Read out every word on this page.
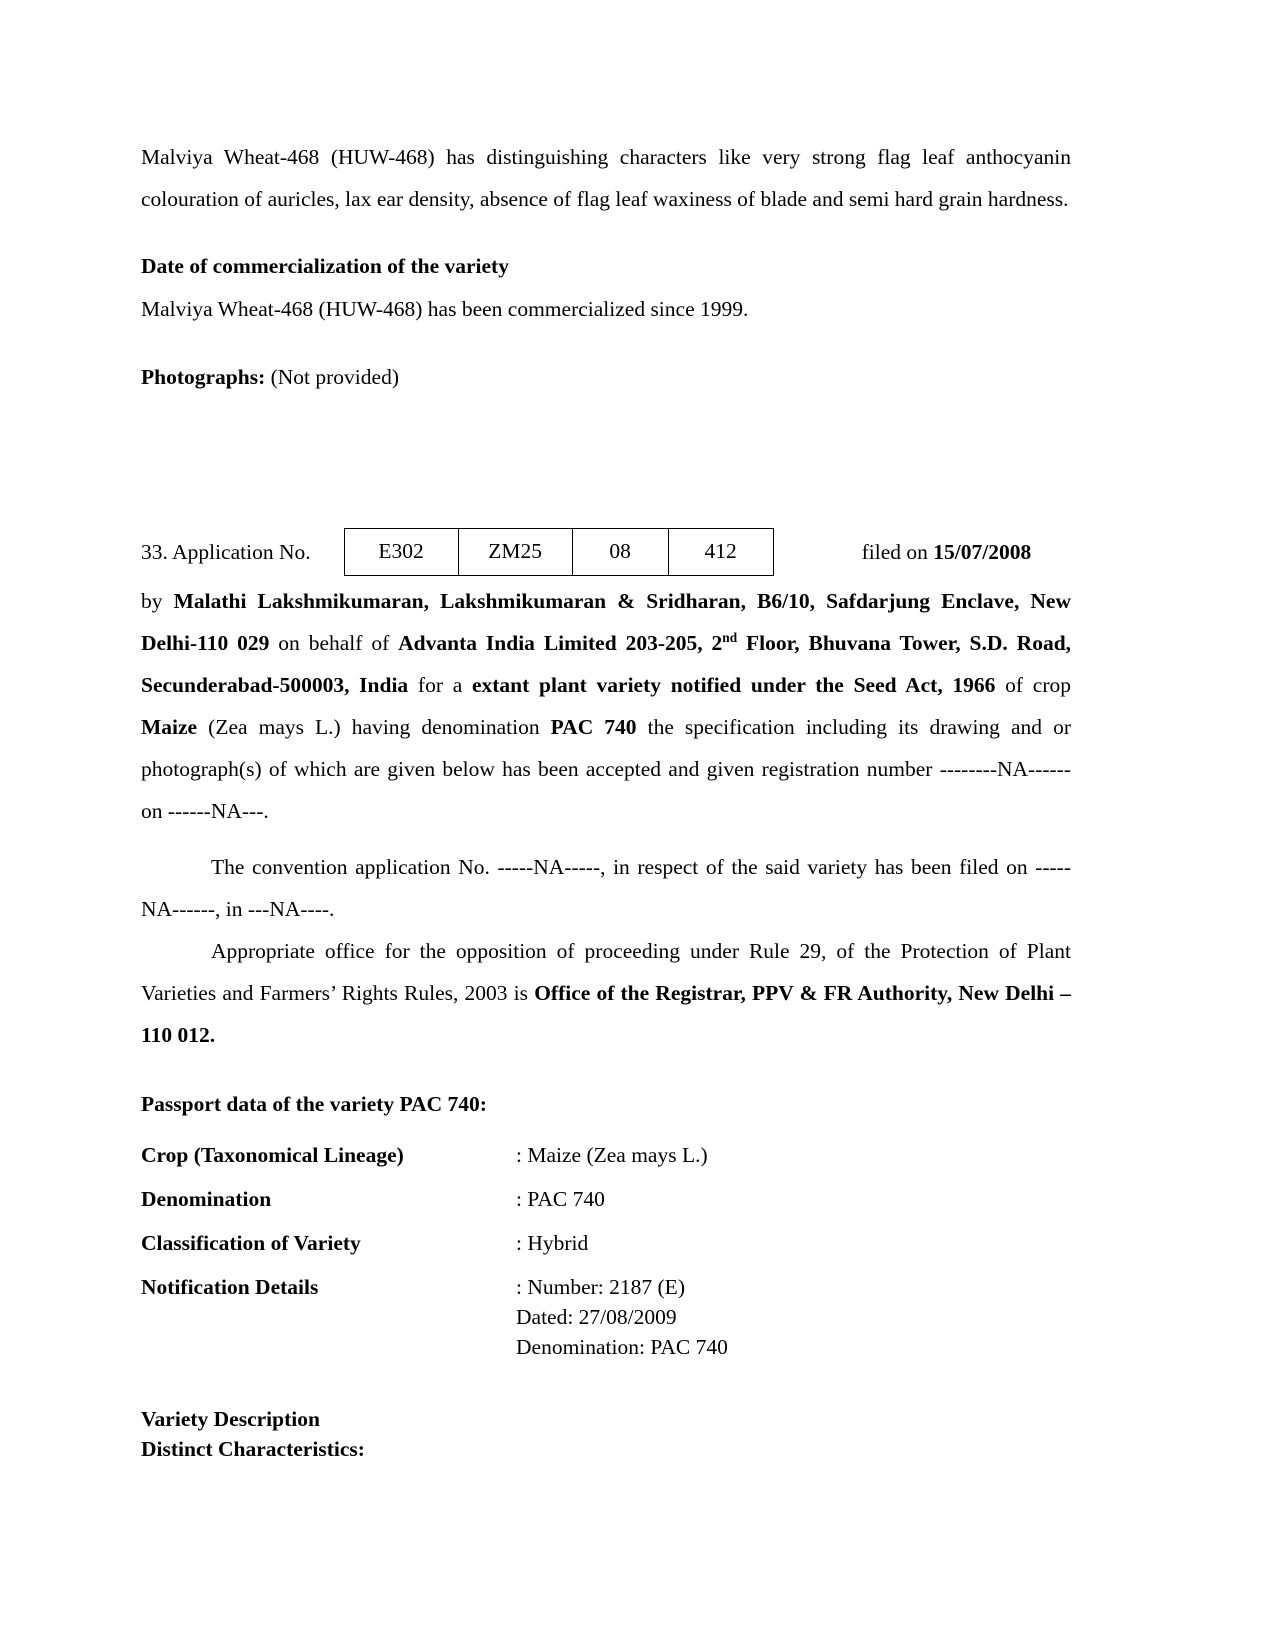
Malviya Wheat-468 (HUW-468) has distinguishing characters like very strong flag leaf anthocyanin colouration of auricles, lax ear density, absence of flag leaf waxiness of blade and semi hard grain hardness.

Date of commercialization of the variety

Malviya Wheat-468 (HUW-468) has been commercialized since 1999.

Photographs: (Not provided)

33. Application No.	E302	ZM25	08	412	filed on 15/07/2008

by Malathi Lakshmikumaran, Lakshmikumaran & Sridharan, B6/10, Safdarjung Enclave, New Delhi-110 029 on behalf of Advanta India Limited 203-205, 2nd Floor, Bhuvana Tower, S.D. Road, Secunderabad-500003, India for a extant plant variety notified under the Seed Act, 1966 of crop Maize (Zea mays L.) having denomination PAC 740 the specification including its drawing and or photograph(s) of which are given below has been accepted and given registration number --------NA------ on ------NA---.

The convention application No. -----NA-----, in respect of the said variety has been filed on -----NA------, in ---NA----.

Appropriate office for the opposition of proceeding under Rule 29, of the Protection of Plant Varieties and Farmers’ Rights Rules, 2003 is Office of the Registrar, PPV & FR Authority, New Delhi – 110 012.

Passport data of the variety PAC 740:
Crop (Taxonomical Lineage)	: Maize (Zea mays L.)
Denomination	: PAC 740
Classification of Variety	: Hybrid
Notification Details	: Number: 2187 (E)
Dated: 27/08/2009
Denomination: PAC 740
Variety Description
Distinct Characteristics:
